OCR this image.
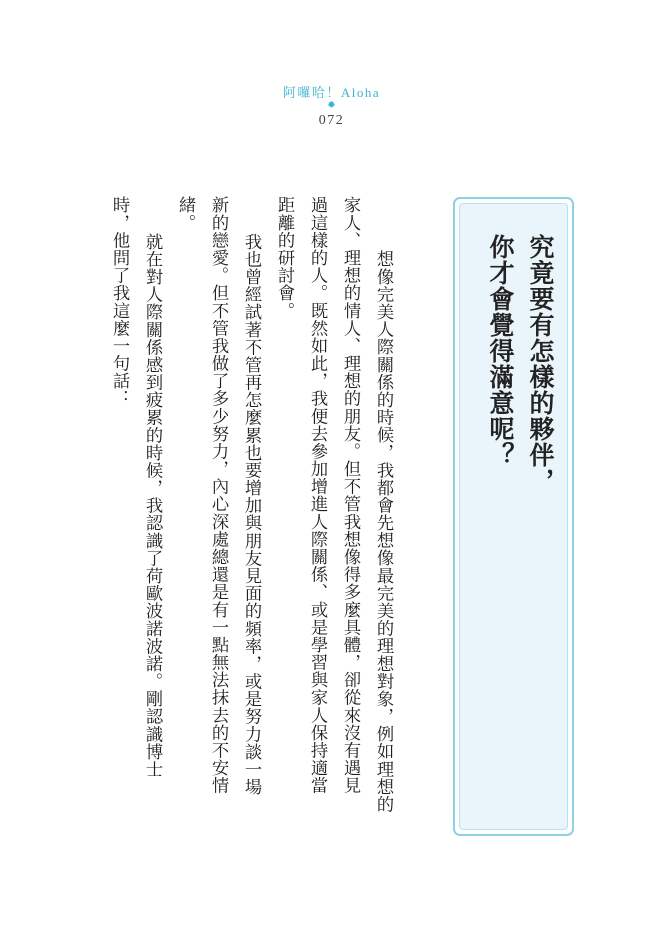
阿囉哈！Aloha
✹
072
究竟要有怎樣的夥伴，
你才會覺得滿意呢？
想像完美人際關係的時候，我都會先想像最完美的理想對象，例如理想的
家人、理想的情人、理想的朋友。但不管我想像得多麼具體，卻從來沒有遇見
過這樣的人。既然如此，我便去參加增進人際關係、或是學習與家人保持適當
距離的研討會。
　我也曾經試著不管再怎麼累也要增加與朋友見面的頻率，或是努力談一場
新的戀愛。但不管我做了多少努力，內心深處總還是有一點無法抹去的不安情
緒。
　就在對人際關係感到疲累的時候，我認識了荷歐波諾波諾。剛認識博士
時，他問了我這麼一句話：
